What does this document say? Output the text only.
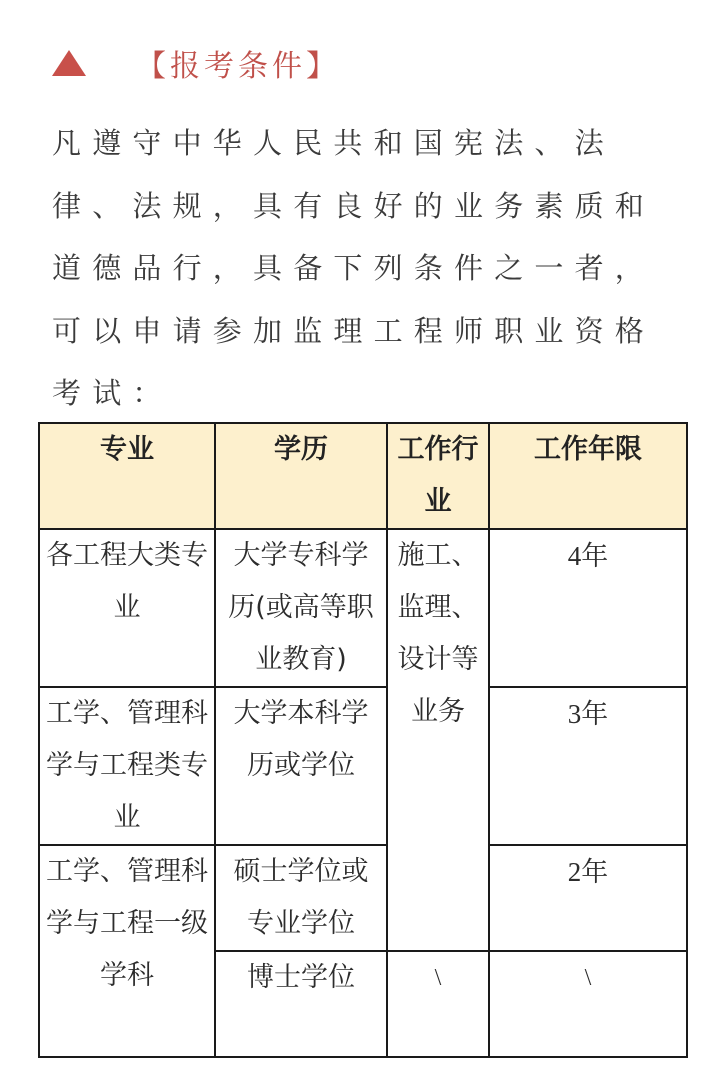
【报考条件】

凡遵守中华人民共和国宪法、法律、法规，具有良好的业务素质和道德品行，具备下列条件之一者，可以申请参加监理工程师职业资格考试：

专业	学历	工作行业	工作年限
各工程大类专业	大学专科学历(或高等职业教育)	施工、监理、设计等业务	4年
工学、管理科学与工程类专业	大学本科学历或学位		3年
工学、管理科学与工程一级学科	硕士学位或专业学位		2年
	博士学位	\	\
